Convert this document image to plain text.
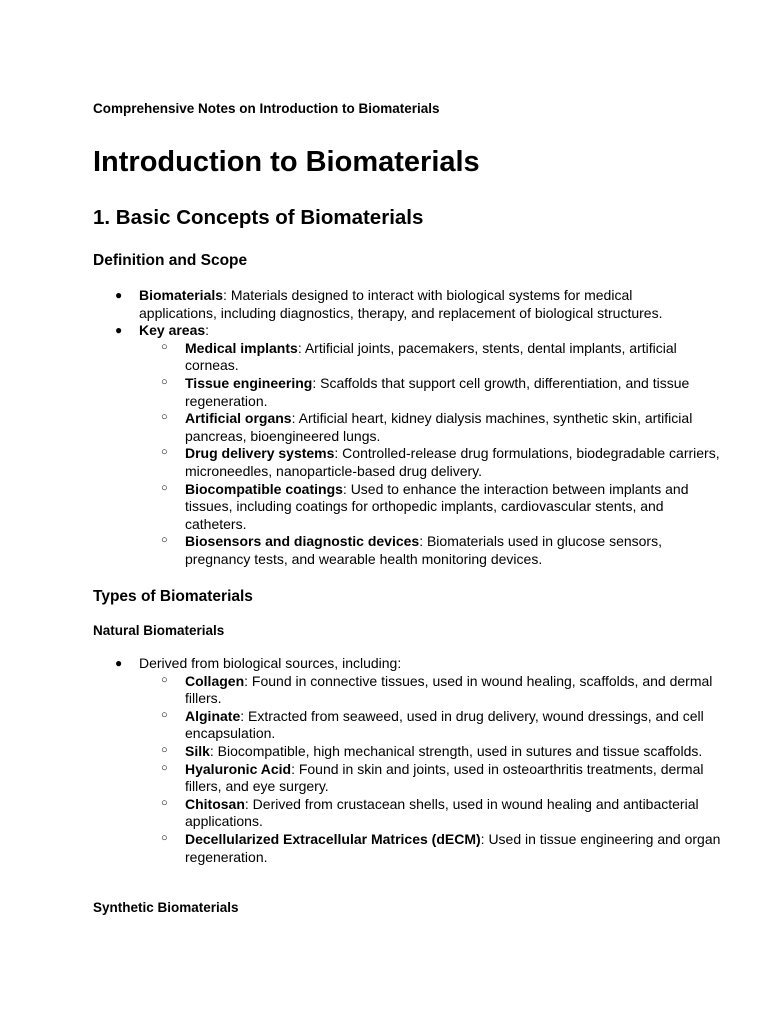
Comprehensive Notes on Introduction to Biomaterials
Introduction to Biomaterials
1. Basic Concepts of Biomaterials
Definition and Scope
● Biomaterials: Materials designed to interact with biological systems for medical applications, including diagnostics, therapy, and replacement of biological structures.
● Key areas:
○ Medical implants: Artificial joints, pacemakers, stents, dental implants, artificial corneas.
○ Tissue engineering: Scaffolds that support cell growth, differentiation, and tissue regeneration.
○ Artificial organs: Artificial heart, kidney dialysis machines, synthetic skin, artificial pancreas, bioengineered lungs.
○ Drug delivery systems: Controlled-release drug formulations, biodegradable carriers, microneedles, nanoparticle-based drug delivery.
○ Biocompatible coatings: Used to enhance the interaction between implants and tissues, including coatings for orthopedic implants, cardiovascular stents, and catheters.
○ Biosensors and diagnostic devices: Biomaterials used in glucose sensors, pregnancy tests, and wearable health monitoring devices.
Types of Biomaterials
Natural Biomaterials
● Derived from biological sources, including:
○ Collagen: Found in connective tissues, used in wound healing, scaffolds, and dermal fillers.
○ Alginate: Extracted from seaweed, used in drug delivery, wound dressings, and cell encapsulation.
○ Silk: Biocompatible, high mechanical strength, used in sutures and tissue scaffolds.
○ Hyaluronic Acid: Found in skin and joints, used in osteoarthritis treatments, dermal fillers, and eye surgery.
○ Chitosan: Derived from crustacean shells, used in wound healing and antibacterial applications.
○ Decellularized Extracellular Matrices (dECM): Used in tissue engineering and organ regeneration.
Synthetic Biomaterials
